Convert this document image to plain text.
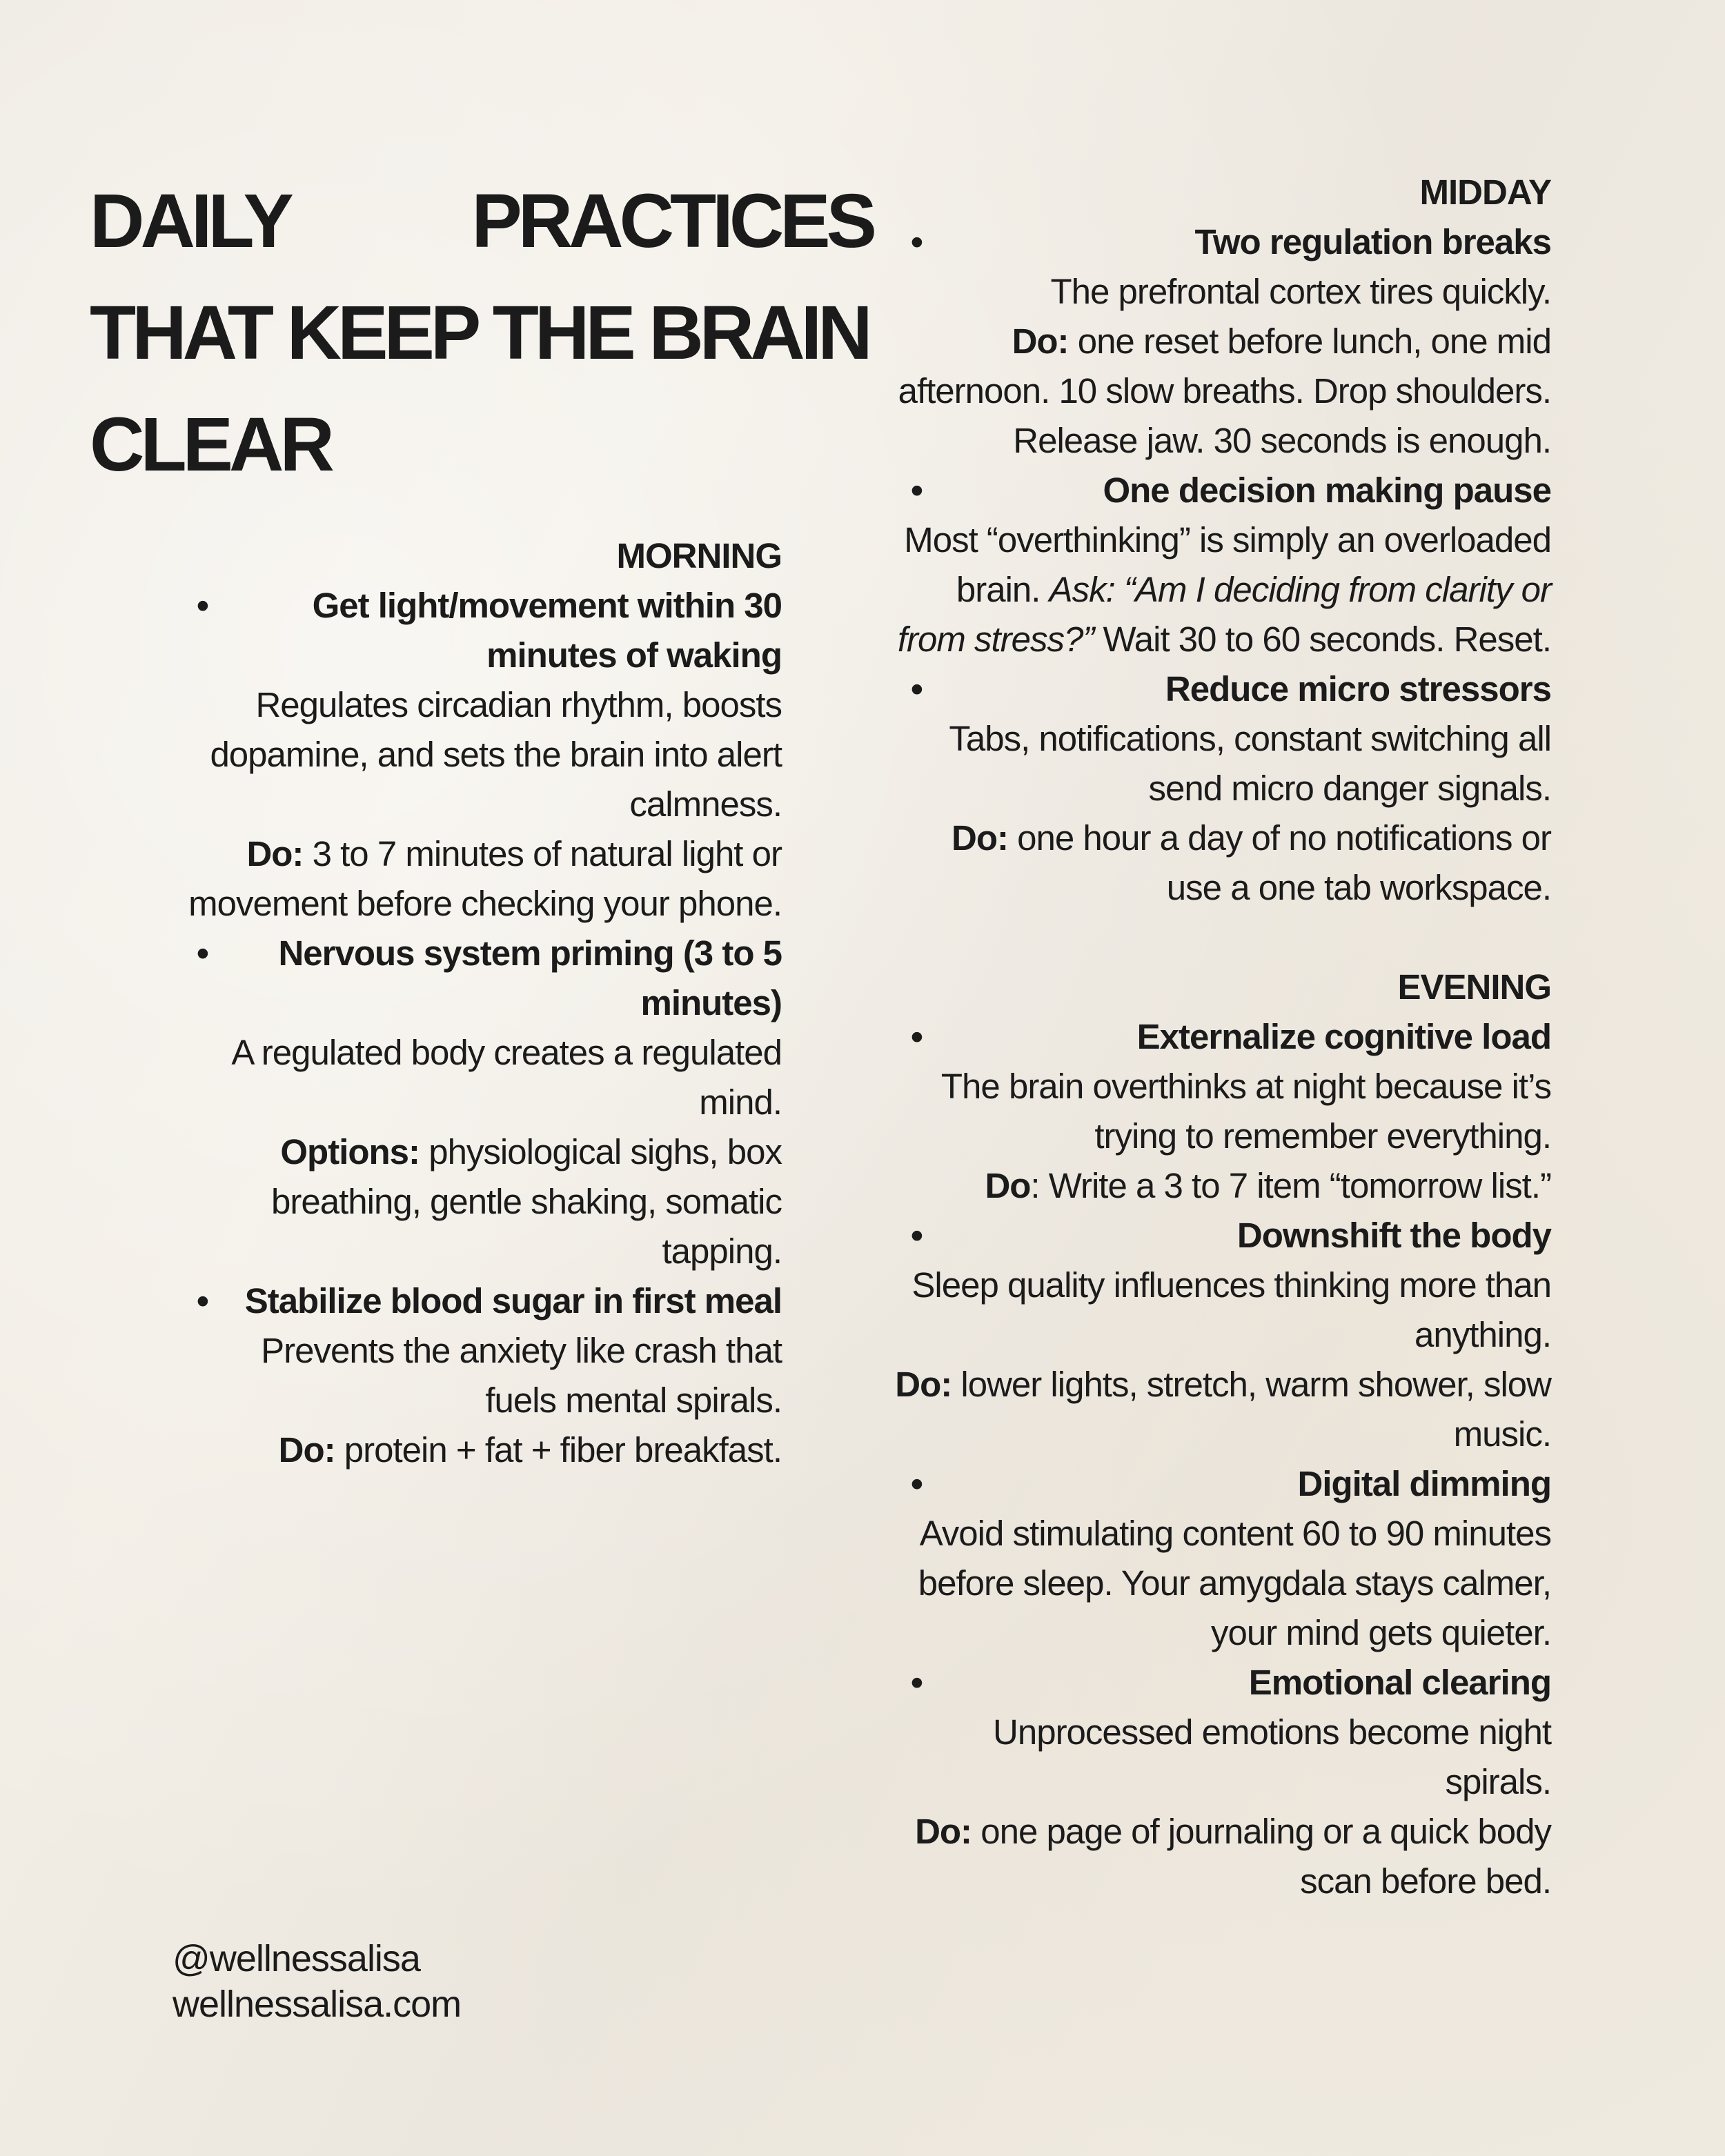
DAILY PRACTICES
THAT KEEP THE BRAIN
CLEAR
MORNING
•	Get light/movement within 30 minutes of waking
Regulates circadian rhythm, boosts dopamine, and sets the brain into alert calmness.
Do: 3 to 7 minutes of natural light or movement before checking your phone.
•	Nervous system priming (3 to 5 minutes)
A regulated body creates a regulated mind.
Options: physiological sighs, box breathing, gentle shaking, somatic tapping.
•	Stabilize blood sugar in first meal
Prevents the anxiety like crash that fuels mental spirals.
Do: protein + fat + fiber breakfast.
MIDDAY
•	Two regulation breaks
The prefrontal cortex tires quickly.
Do: one reset before lunch, one mid afternoon. 10 slow breaths. Drop shoulders. Release jaw. 30 seconds is enough.
•	One decision making pause
Most “overthinking” is simply an overloaded brain. Ask: “Am I deciding from clarity or from stress?” Wait 30 to 60 seconds. Reset.
•	Reduce micro stressors
Tabs, notifications, constant switching all send micro danger signals.
Do: one hour a day of no notifications or use a one tab workspace.
EVENING
•	Externalize cognitive load
The brain overthinks at night because it’s trying to remember everything.
Do: Write a 3 to 7 item “tomorrow list.”
•	Downshift the body
Sleep quality influences thinking more than anything.
Do: lower lights, stretch, warm shower, slow music.
•	Digital dimming
Avoid stimulating content 60 to 90 minutes before sleep. Your amygdala stays calmer, your mind gets quieter.
•	Emotional clearing
Unprocessed emotions become night spirals.
Do: one page of journaling or a quick body scan before bed.
@wellnessalisa
wellnessalisa.com
